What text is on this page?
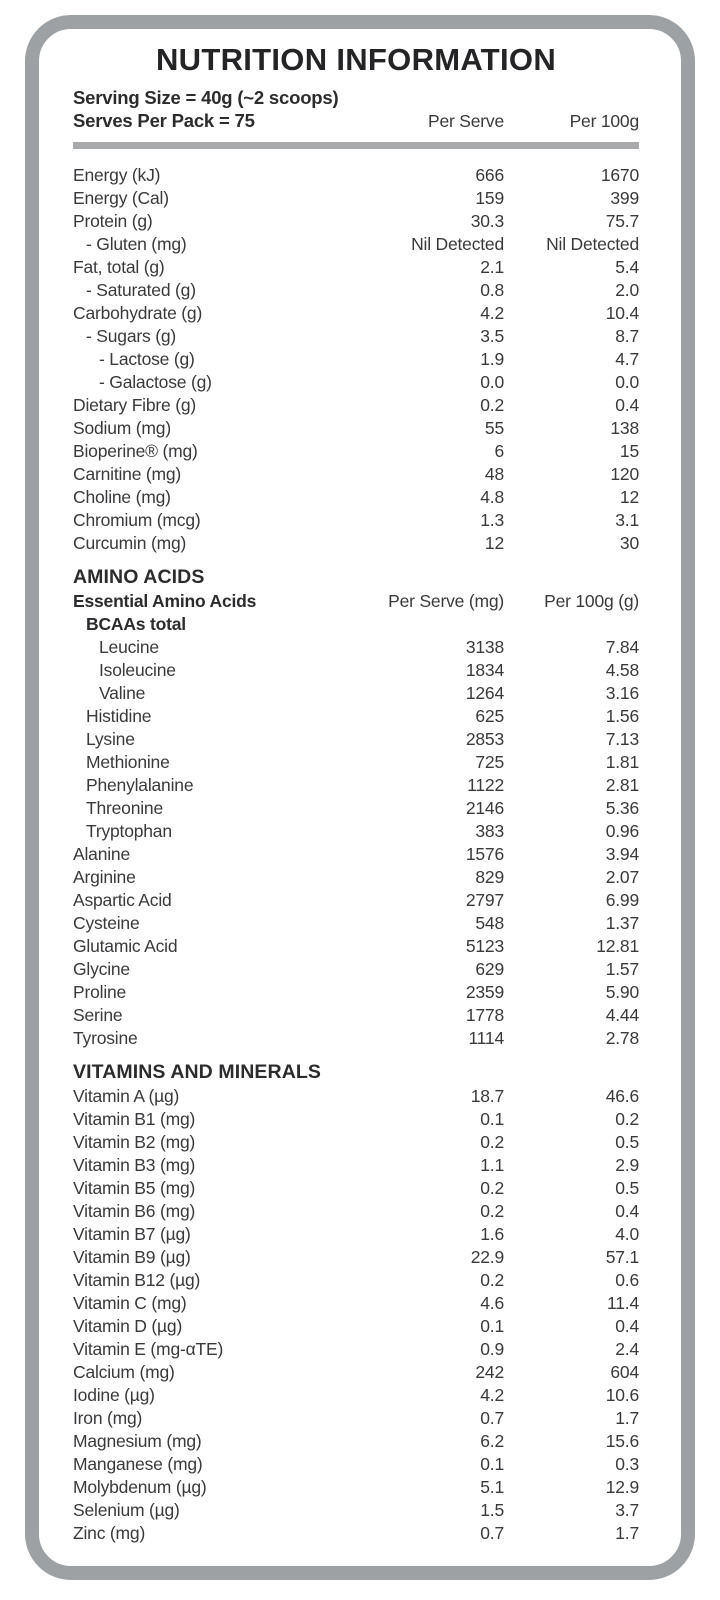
NUTRITION INFORMATION
Serving Size = 40g (~2 scoops)
Serves Per Pack = 75	Per Serve	Per 100g
Energy (kJ)	666	1670
Energy (Cal)	159	399
Protein (g)	30.3	75.7
- Gluten (mg)	Nil Detected	Nil Detected
Fat, total (g)	2.1	5.4
- Saturated (g)	0.8	2.0
Carbohydrate (g)	4.2	10.4
- Sugars (g)	3.5	8.7
- Lactose (g)	1.9	4.7
- Galactose (g)	0.0	0.0
Dietary Fibre (g)	0.2	0.4
Sodium (mg)	55	138
Bioperine® (mg)	6	15
Carnitine (mg)	48	120
Choline (mg)	4.8	12
Chromium (mcg)	1.3	3.1
Curcumin (mg)	12	30
AMINO ACIDS
Essential Amino Acids	Per Serve (mg)	Per 100g (g)
BCAAs total
Leucine	3138	7.84
Isoleucine	1834	4.58
Valine	1264	3.16
Histidine	625	1.56
Lysine	2853	7.13
Methionine	725	1.81
Phenylalanine	1122	2.81
Threonine	2146	5.36
Tryptophan	383	0.96
Alanine	1576	3.94
Arginine	829	2.07
Aspartic Acid	2797	6.99
Cysteine	548	1.37
Glutamic Acid	5123	12.81
Glycine	629	1.57
Proline	2359	5.90
Serine	1778	4.44
Tyrosine	1114	2.78
VITAMINS AND MINERALS
Vitamin A (µg)	18.7	46.6
Vitamin B1 (mg)	0.1	0.2
Vitamin B2 (mg)	0.2	0.5
Vitamin B3 (mg)	1.1	2.9
Vitamin B5 (mg)	0.2	0.5
Vitamin B6 (mg)	0.2	0.4
Vitamin B7 (µg)	1.6	4.0
Vitamin B9 (µg)	22.9	57.1
Vitamin B12 (µg)	0.2	0.6
Vitamin C (mg)	4.6	11.4
Vitamin D (µg)	0.1	0.4
Vitamin E (mg-αTE)	0.9	2.4
Calcium (mg)	242	604
Iodine (µg)	4.2	10.6
Iron (mg)	0.7	1.7
Magnesium (mg)	6.2	15.6
Manganese (mg)	0.1	0.3
Molybdenum (µg)	5.1	12.9
Selenium (µg)	1.5	3.7
Zinc (mg)	0.7	1.7
